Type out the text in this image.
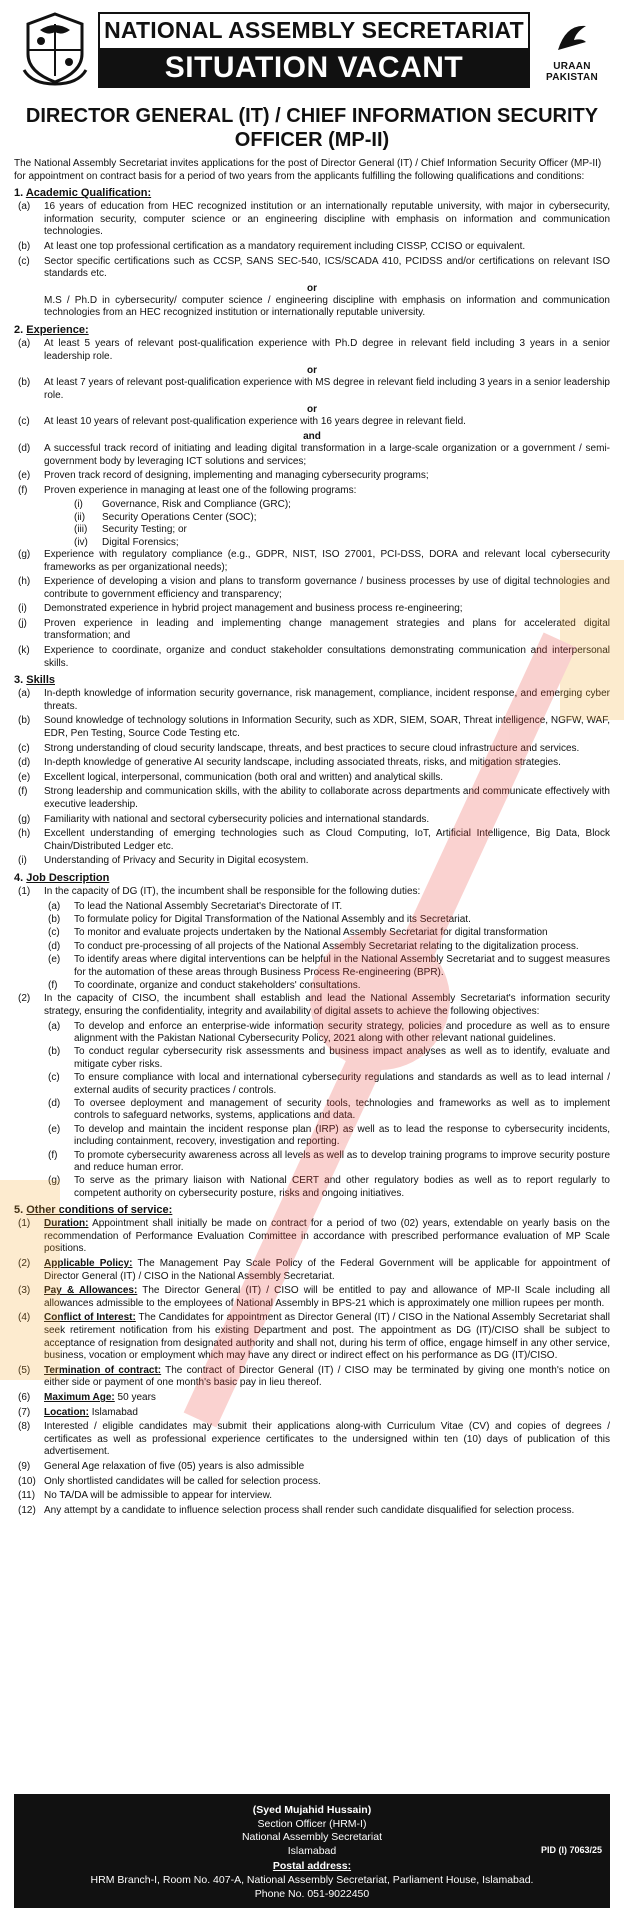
NATIONAL ASSEMBLY SECRETARIAT
SITUATION VACANT	URAAN PAKISTAN
DIRECTOR GENERAL (IT) / CHIEF INFORMATION SECURITY OFFICER (MP-II)
The National Assembly Secretariat invites applications for the post of Director General (IT) / Chief Information Security Officer (MP-II) for appointment on contract basis for a period of two years from the applicants fulfilling the following qualifications and conditions:
1. Academic Qualification:
(a)	16 years of education from HEC recognized institution or an internationally reputable university, with major in cybersecurity, information security, computer science or an engineering discipline with emphasis on information and communication technologies.
(b)	At least one top professional certification as a mandatory requirement including CISSP, CCISO or equivalent.
(c)	Sector specific certifications such as CCSP, SANS SEC-540, ICS/SCADA 410, PCIDSS and/or certifications on relevant ISO standards etc.
or
M.S / Ph.D in cybersecurity/ computer science / engineering discipline with emphasis on information and communication technologies from an HEC recognized institution or internationally reputable university.
2. Experience:
(a)	At least 5 years of relevant post-qualification experience with Ph.D degree in relevant field including 3 years in a senior leadership role.
or
(b)	At least 7 years of relevant post-qualification experience with MS degree in relevant field including 3 years in a senior leadership role.
or
(c)	At least 10 years of relevant post-qualification experience with 16 years degree in relevant field.
and
(d)	A successful track record of initiating and leading digital transformation in a large-scale organization or a government / semi-government body by leveraging ICT solutions and services;
(e)	Proven track record of designing, implementing and managing cybersecurity programs;
(f)	Proven experience in managing at least one of the following programs:
(i)	Governance, Risk and Compliance (GRC);
(ii)	Security Operations Center (SOC);
(iii)	Security Testing; or
(iv)	Digital Forensics;
(g)	Experience with regulatory compliance (e.g., GDPR, NIST, ISO 27001, PCI-DSS, DORA and relevant local cybersecurity frameworks as per organizational needs);
(h)	Experience of developing a vision and plans to transform governance / business processes by use of digital technologies and contribute to government efficiency and transparency;
(i)	Demonstrated experience in hybrid project management and business process re-engineering;
(j)	Proven experience in leading and implementing change management strategies and plans for accelerated digital transformation; and
(k)	Experience to coordinate, organize and conduct stakeholder consultations demonstrating communication and interpersonal skills.
3. Skills
(a)	In-depth knowledge of information security governance, risk management, compliance, incident response, and emerging cyber threats.
(b)	Sound knowledge of technology solutions in Information Security, such as XDR, SIEM, SOAR, Threat intelligence, NGFW, WAF, EDR, Pen Testing, Source Code Testing etc.
(c)	Strong understanding of cloud security landscape, threats, and best practices to secure cloud infrastructure and services.
(d)	In-depth knowledge of generative AI security landscape, including associated threats, risks, and mitigation strategies.
(e)	Excellent logical, interpersonal, communication (both oral and written) and analytical skills.
(f)	Strong leadership and communication skills, with the ability to collaborate across departments and communicate effectively with executive leadership.
(g)	Familiarity with national and sectoral cybersecurity policies and international standards.
(h)	Excellent understanding of emerging technologies such as Cloud Computing, IoT, Artificial Intelligence, Big Data, Block Chain/Distributed Ledger etc.
(i)	Understanding of Privacy and Security in Digital ecosystem.
4. Job Description
(1)	In the capacity of DG (IT), the incumbent shall be responsible for the following duties:
(a)	To lead the National Assembly Secretariat's Directorate of IT.
(b)	To formulate policy for Digital Transformation of the National Assembly and its Secretariat.
(c)	To monitor and evaluate projects undertaken by the National Assembly Secretariat for digital transformation
(d)	To conduct pre-processing of all projects of the National Assembly Secretariat relating to the digitalization process.
(e)	To identify areas where digital interventions can be helpful in the National Assembly Secretariat and to suggest measures for the automation of these areas through Business Process Re-engineering (BPR).
(f)	To coordinate, organize and conduct stakeholders' consultations.
(2)	In the capacity of CISO, the incumbent shall establish and lead the National Assembly Secretariat's information security strategy, ensuring the confidentiality, integrity and availability of digital assets to achieve the following objectives:
(a)	To develop and enforce an enterprise-wide information security strategy, policies and procedure as well as to ensure alignment with the Pakistan National Cybersecurity Policy, 2021 along with other relevant national guidelines.
(b)	To conduct regular cybersecurity risk assessments and business impact analyses as well as to identify, evaluate and mitigate cyber risks.
(c)	To ensure compliance with local and international cybersecurity regulations and standards as well as to lead internal / external audits of security practices / controls.
(d)	To oversee deployment and management of security tools, technologies and frameworks as well as to implement controls to safeguard networks, systems, applications and data.
(e)	To develop and maintain the incident response plan (IRP) as well as to lead the response to cybersecurity incidents, including containment, recovery, investigation and reporting.
(f)	To promote cybersecurity awareness across all levels as well as to develop training programs to improve security posture and reduce human error.
(g)	To serve as the primary liaison with National CERT and other regulatory bodies as well as to report regularly to competent authority on cybersecurity posture, risks and ongoing initiatives.
5. Other conditions of service:
(1)	Duration: Appointment shall initially be made on contract for a period of two (02) years, extendable on yearly basis on the recommendation of Performance Evaluation Committee in accordance with prescribed performance evaluation of MP Scale positions.
(2)	Applicable Policy: The Management Pay Scale Policy of the Federal Government will be applicable for appointment of Director General (IT) / CISO in the National Assembly Secretariat.
(3)	Pay & Allowances: The Director General (IT) / CISO will be entitled to pay and allowance of MP-II Scale including all allowances admissible to the employees of National Assembly in BPS-21 which is approximately one million rupees per month.
(4)	Conflict of Interest: The Candidates for appointment as Director General (IT) / CISO in the National Assembly Secretariat shall seek retirement notification from his existing Department and post. The appointment as DG (IT)/CISO shall be subject to acceptance of resignation from designated authority and shall not, during his term of office, engage himself in any other service, business, vocation or employment which may have any direct or indirect effect on his performance as DG (IT)/CISO.
(5)	Termination of contract: The contract of Director General (IT) / CISO may be terminated by giving one month's notice on either side or payment of one month's basic pay in lieu thereof.
(6)	Maximum Age: 50 years
(7)	Location: Islamabad
(8)	Interested / eligible candidates may submit their applications along-with Curriculum Vitae (CV) and copies of degrees / certificates as well as professional experience certificates to the undersigned within ten (10) days of publication of this advertisement.
(9)	General Age relaxation of five (05) years is also admissible
(10) Only shortlisted candidates will be called for selection process.
(11) No TA/DA will be admissible to appear for interview.
(12) Any attempt by a candidate to influence selection process shall render such candidate disqualified for selection process.
(Syed Mujahid Hussain)
Section Officer (HRM-I)
National Assembly Secretariat
Islamabad	PID (I) 7063/25
Postal address:
HRM Branch-I, Room No. 407-A, National Assembly Secretariat, Parliament House, Islamabad.
Phone No. 051-9022450
